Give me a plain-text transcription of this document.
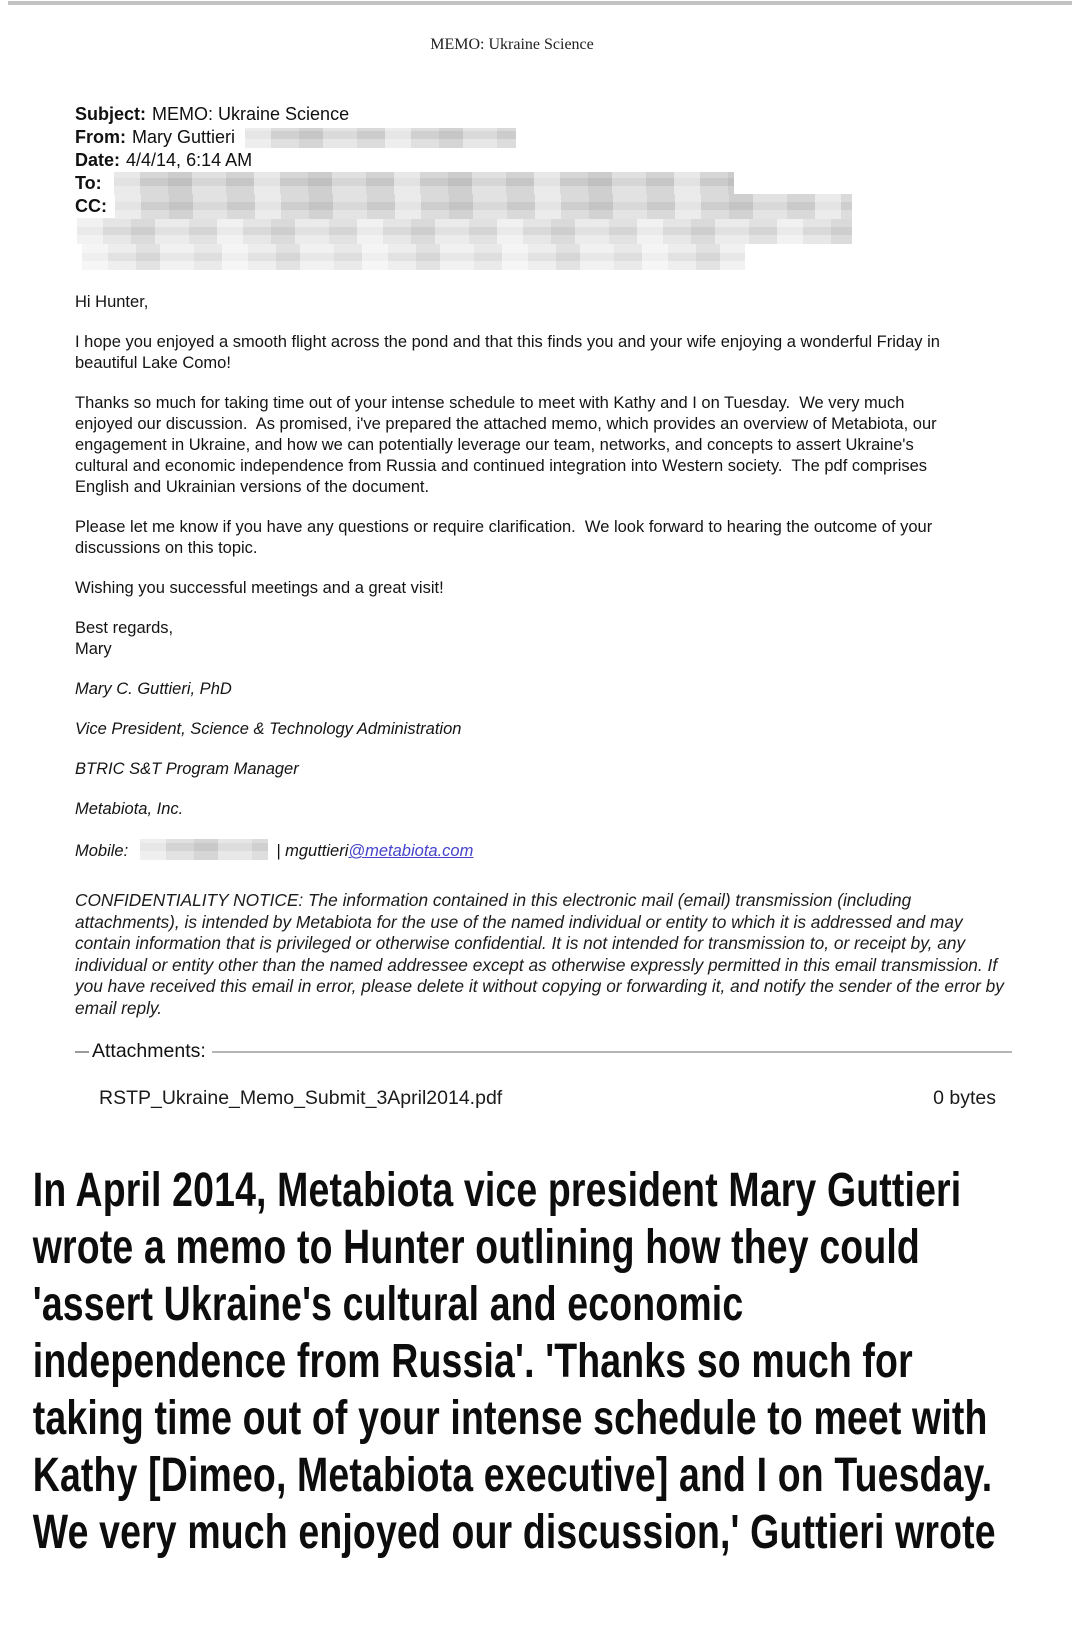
MEMO: Ukraine Science
Subject: MEMO: Ukraine Science
From: Mary Guttieri
Date: 4/4/14, 6:14 AM
To:
CC:

Hi Hunter,

I hope you enjoyed a smooth flight across the pond and that this finds you and your wife enjoying a wonderful Friday in beautiful Lake Como!

Thanks so much for taking time out of your intense schedule to meet with Kathy and I on Tuesday.  We very much enjoyed our discussion.  As promised, i've prepared the attached memo, which provides an overview of Metabiota, our engagement in Ukraine, and how we can potentially leverage our team, networks, and concepts to assert Ukraine's cultural and economic independence from Russia and continued integration into Western society.  The pdf comprises English and Ukrainian versions of the document.

Please let me know if you have any questions or require clarification.  We look forward to hearing the outcome of your discussions on this topic.

Wishing you successful meetings and a great visit!

Best regards,

Mary

Mary C. Guttieri, PhD

Vice President, Science & Technology Administration

BTRIC S&T Program Manager

Metabiota, Inc.

Mobile:	| mguttieri@metabiota.com

CONFIDENTIALITY NOTICE: The information contained in this electronic mail (email) transmission (including attachments), is intended by Metabiota for the use of the named individual or entity to which it is addressed and may contain information that is privileged or otherwise confidential. It is not intended for transmission to, or receipt by, any individual or entity other than the named addressee except as otherwise expressly permitted in this email transmission. If you have received this email in error, please delete it without copying or forwarding it, and notify the sender of the error by email reply.
Attachments:
RSTP_Ukraine_Memo_Submit_3April2014.pdf	0 bytes
In April 2014, Metabiota vice president Mary Guttieri
wrote a memo to Hunter outlining how they could
'assert Ukraine's cultural and economic
independence from Russia'. 'Thanks so much for
taking time out of your intense schedule to meet with
Kathy [Dimeo, Metabiota executive] and I on Tuesday.
We very much enjoyed our discussion,' Guttieri wrote
